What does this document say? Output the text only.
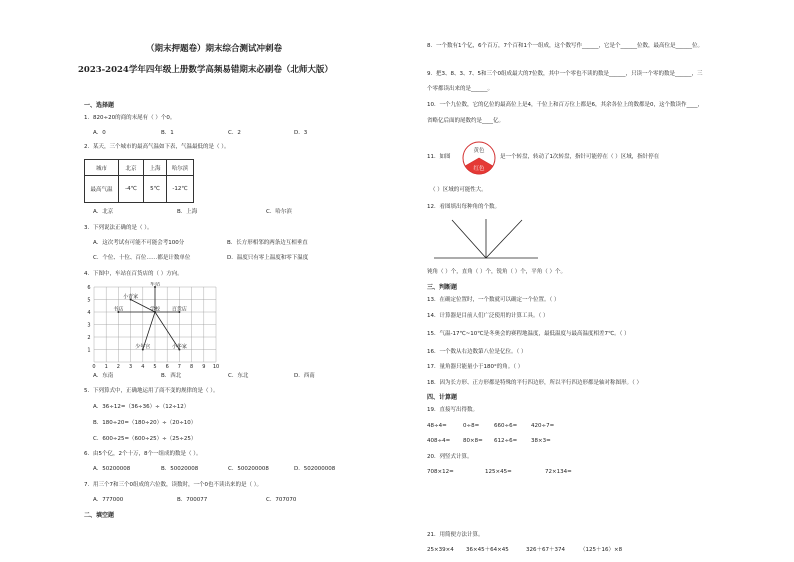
（期末押题卷）期末综合测试冲刺卷
2023-2024学年四年级上册数学高频易错期末必刷卷（北师大版）
一、选择题
1．820÷20的商的末尾有（ ）个0。
A．0	B．1	C．2	D．3
2．某天，三个城市的最高气温如下表，气温最低的是（ ）。
城市	北京	上海	哈尔滨
最高气温	-4℃	5℃	-12℃
A．北京	B．上海	C．哈尔滨
3．下列说法正确的是（ ）。
A．这次考试有可能不可能会考100分	B．长方形相邻的两条边互相垂直
C．个位、十位、百位……都是计数单位	D．温度只有零上温度和零下温度
4．下图中，车站在百货店的（ ）方向。
0 1 2 3 4 5 6 7 8 9 10
1
2
3
4
5
6
车站
小青家
书店	学校 百货店
少年宫	小华家
A．东南	B．西北	C．东北	D．西南
5．下列算式中，正确地运用了商不变的规律的是（ ）。
A．36÷12=（36÷36）÷（12÷12）
B．180÷20=（180÷20）÷（20÷10）
C．600÷25=（600÷25）÷（25÷25）
6．由5个亿，2个十万，8个一组成的数是（ ）。
A．50200008	B．50020008	C．500200008	D．502000008
7．用三个7和三个0组成的六位数，读数时，一个0也不读出来的是（ ）。
A．777000	B．700077	C．707070
二、填空题
8．一个数有1个亿，6个百万，7个百和1个一组成，这个数写作______，它是个______位数，最高位是______位。
9．把3、8、3、7、5和三个0组成最大的7位数，其中一个零也不读的数是______，只读一个零的数是______，三
个零都读出来的是______。
10．一个九位数，它的亿位的最高位上是4，千位上和百万位上都是6，其余各位上的数都是0，这个数读作____，
省略亿后面的尾数约是____亿。
11．如图
黄色
红色
是一个转盘，转动了1次转盘，指针可能停在（ ）区域，指针停在
（ ）区域的可能性大。
12．看图填出每种角的个数。
钝角（ ）个，直角（ ）个，锐角（ ）个，平角（ ）个。
三、判断题
13．在确定位置时，一个数就可以确定一个位置。（ ）
14．计算器是目前人们广泛使用的计算工具。（ ）
15．气温-17℃~10℃是冬奥会的赛程地温度，最低温度与最高温度相差7℃。（ ）
16．一个数从右边数第八位是亿位。（ ）
17．量角器只能量小于180°的角。（ ）
18．因为长方形、正方形都是特殊的平行四边形，所以平行四边形都是轴对称图形。（ ）
四、计算题
19．直接写出得数。
48÷4=	0÷8=	660÷6=	420÷7=
408÷4= 80×8= 612÷6=	38×3=
20．列竖式计算。
708×12=	125×45=	72×134=
21．用简便方法计算。
25×39×4 36×45＋64×45	326＋67＋374	（125＋16）×8
